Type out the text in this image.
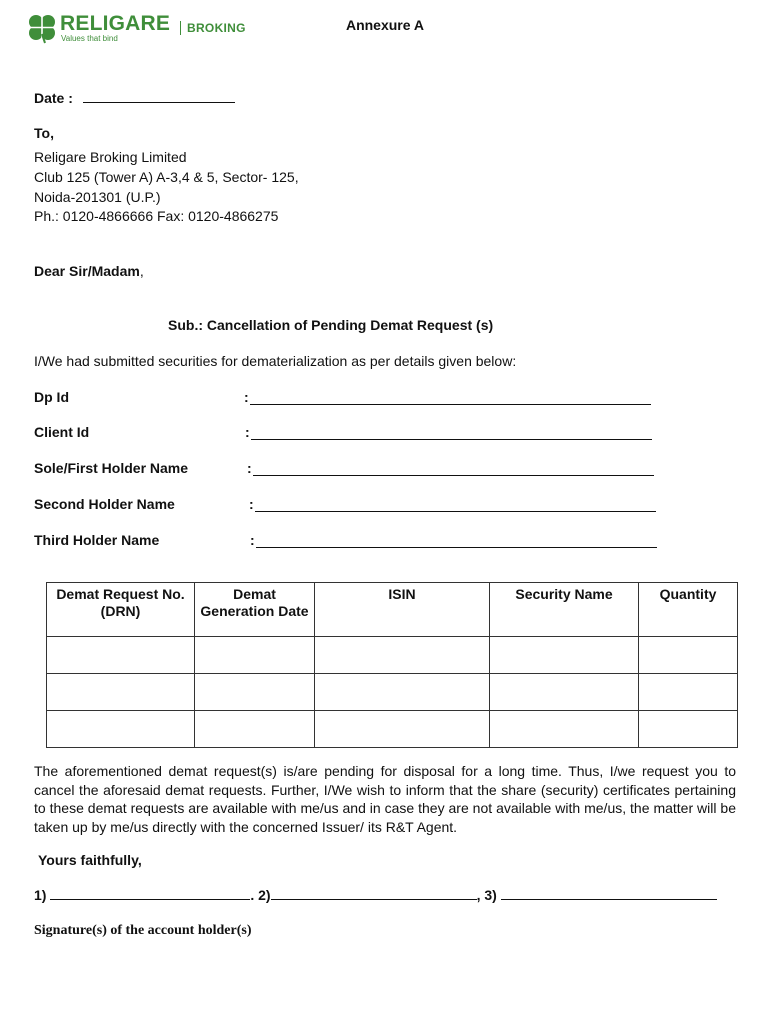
RELIGARE	BROKING
Values that bind
Annexure A
Date :
To,
Religare Broking Limited
Club 125 (Tower A) A-3,4 & 5, Sector- 125,
Noida-201301 (U.P.)
Ph.: 0120-4866666 Fax: 0120-4866275
Dear Sir/Madam,
Sub.: Cancellation of Pending Demat Request (s)
I/We had submitted securities for dematerialization as per details given below:
Dp Id	:
Client Id	:
Sole/First Holder Name	:
Second Holder Name	:
Third Holder Name	:
Demat Request No. (DRN)	Demat Generation Date	ISIN	Security Name	Quantity

The aforementioned demat request(s) is/are pending for disposal for a long time. Thus, I/we request you to cancel the aforesaid demat requests. Further, I/We wish to inform that the share (security) certificates pertaining to these demat requests are available with me/us and in case they are not available with me/us, the matter will be taken up by me/us directly with the concerned Issuer/ its R&T Agent.
Yours faithfully,
1)	. 2)	, 3)
Signature(s) of the account holder(s)
